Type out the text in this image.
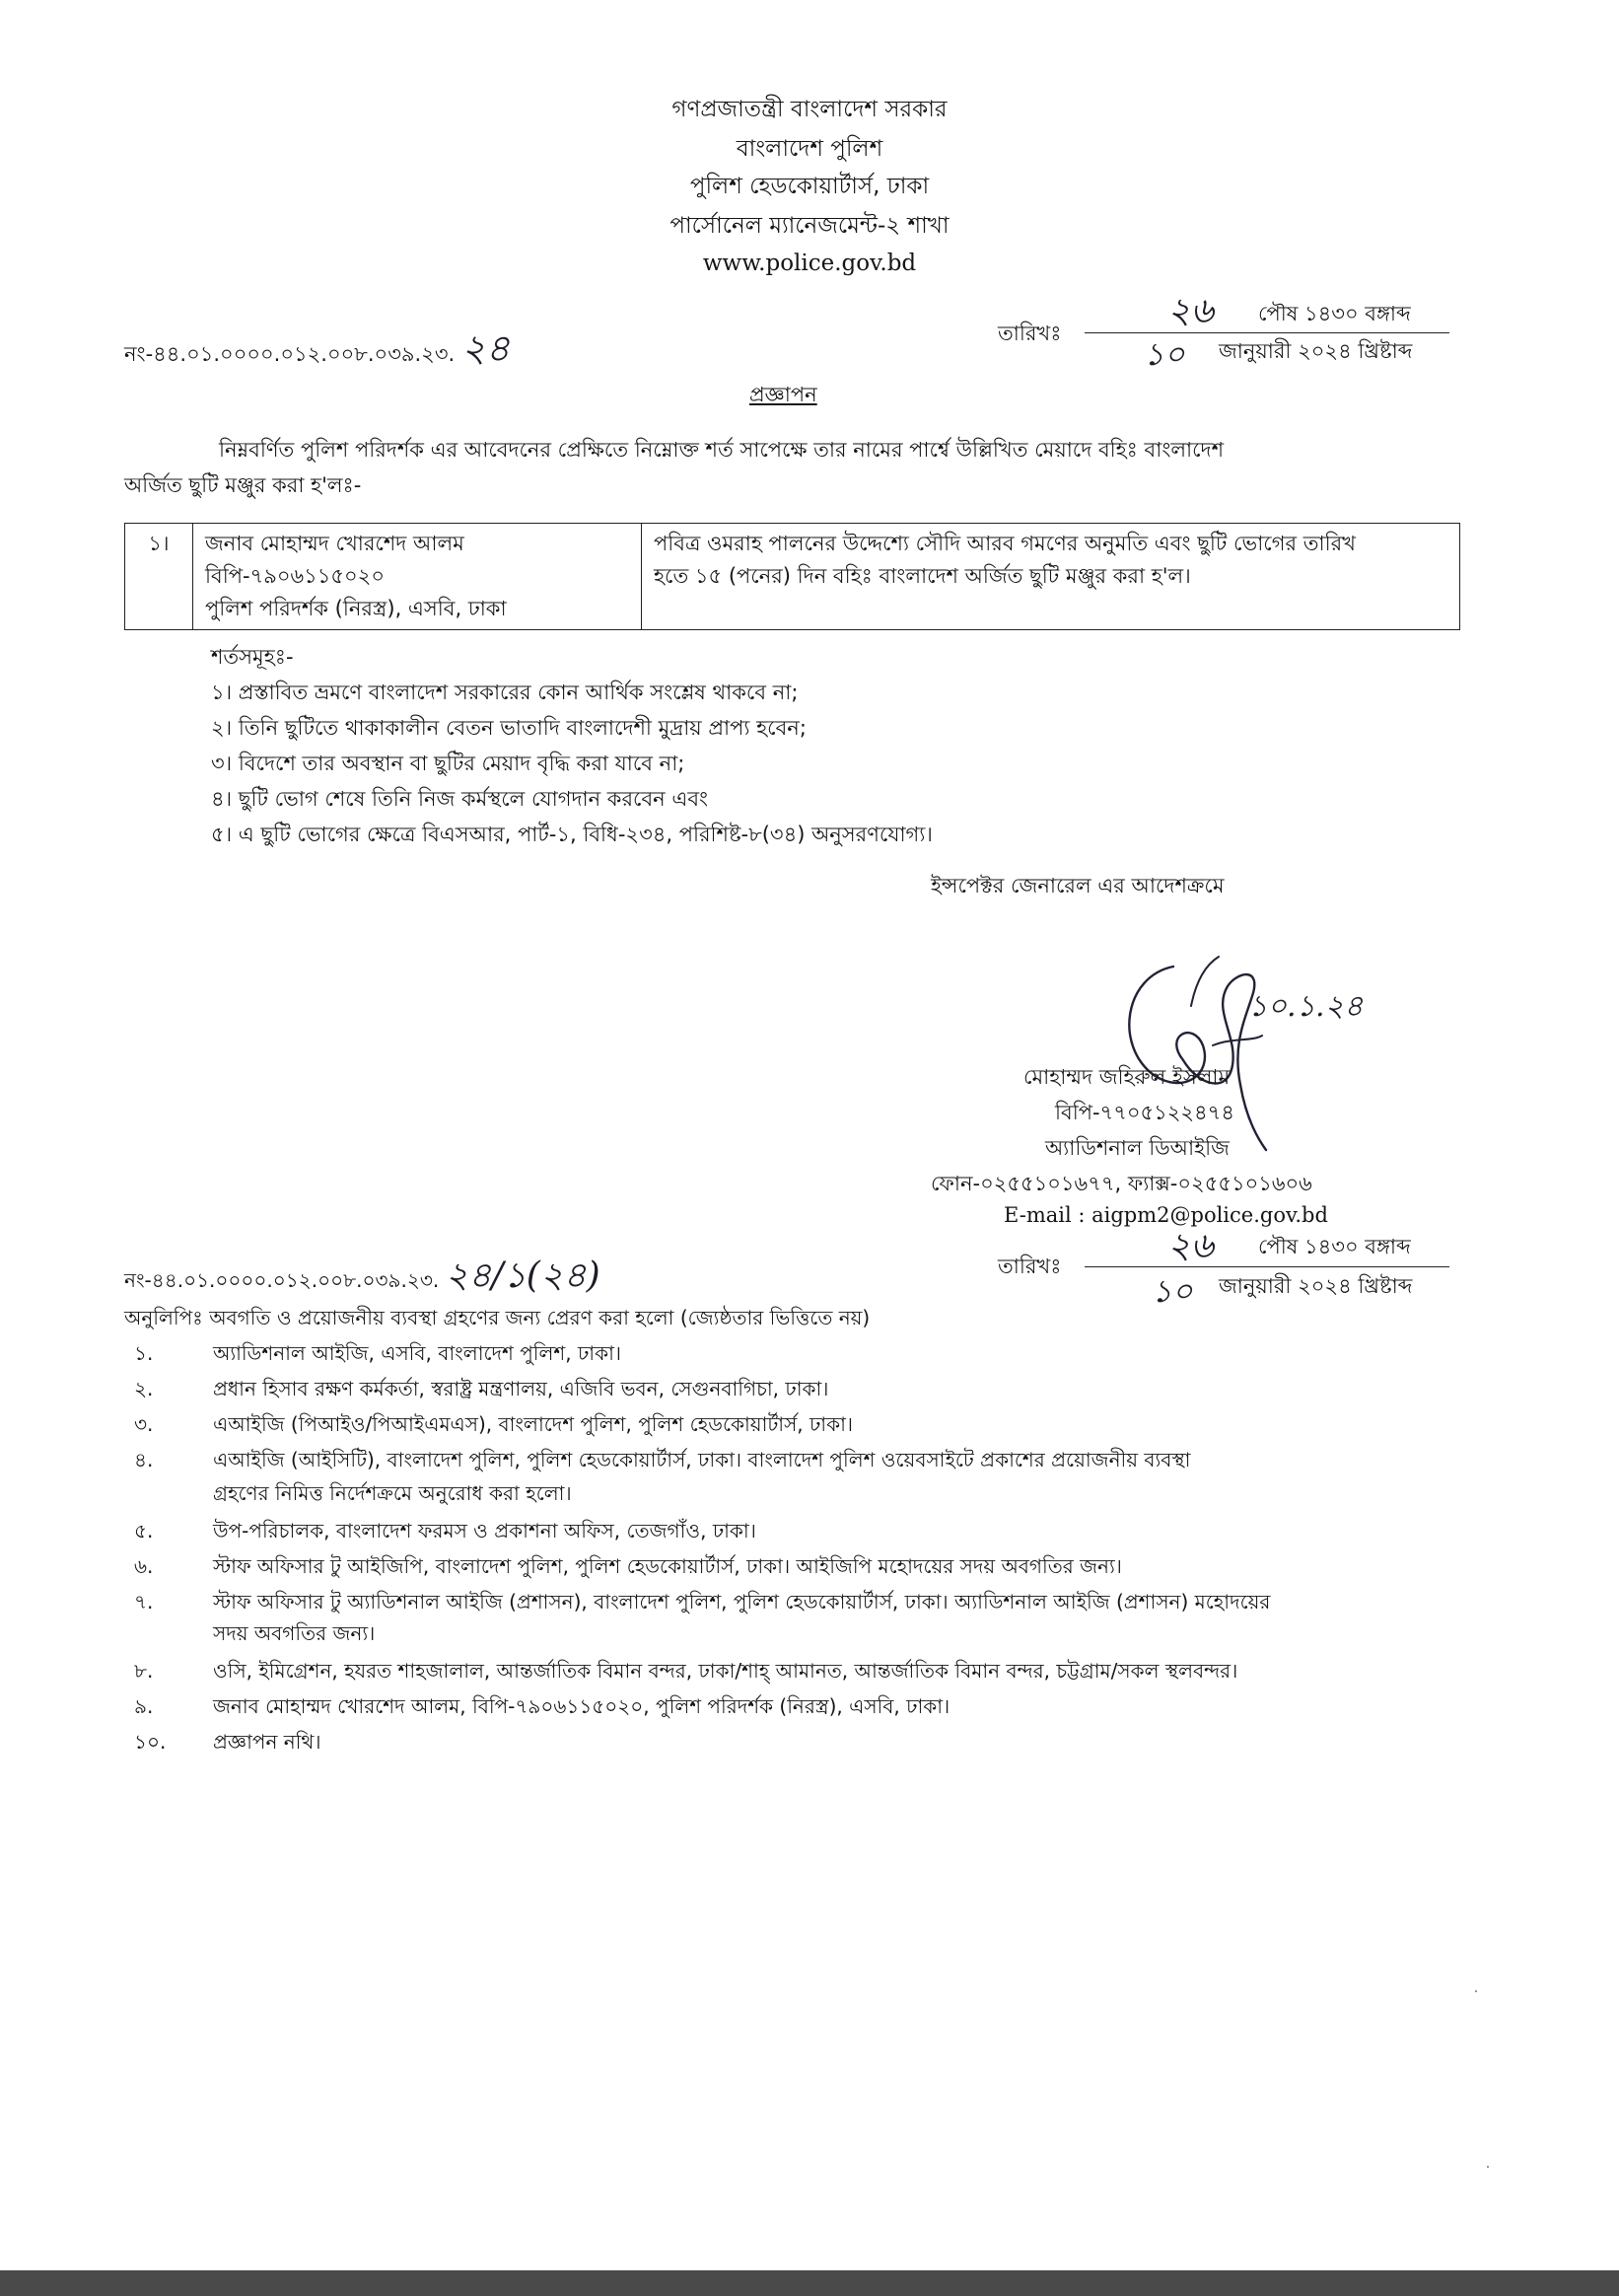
গণপ্রজাতন্ত্রী বাংলাদেশ সরকার
বাংলাদেশ পুলিশ
পুলিশ হেডকোয়ার্টার্স, ঢাকা
পার্সোনেল ম্যানেজমেন্ট-২ শাখা
www.police.gov.bd
নং-৪৪.০১.০০০০.০১২.০০৮.০৩৯.২৩. ২৪	তারিখঃ
২৬ পৌষ ১৪৩০ বঙ্গাব্দ
১০ জানুয়ারী ২০২৪ খ্রিষ্টাব্দ
প্রজ্ঞাপন
নিম্নবর্ণিত পুলিশ পরিদর্শক এর আবেদনের প্রেক্ষিতে নিম্নোক্ত শর্ত সাপেক্ষে তার নামের পার্শ্বে উল্লিখিত মেয়াদে বহিঃ বাংলাদেশ
অর্জিত ছুটি মঞ্জুর করা হ'লঃ-
১।	জনাব মোহাম্মদ খোরশেদ আলম
বিপি-৭৯০৬১১৫০২০
পুলিশ পরিদর্শক (নিরস্ত্র), এসবি, ঢাকা

পবিত্র ওমরাহ পালনের উদ্দেশ্যে সৌদি আরব গমণের অনুমতি এবং ছুটি ভোগের তারিখ
হতে ১৫ (পনের) দিন বহিঃ বাংলাদেশ অর্জিত ছুটি মঞ্জুর করা হ'ল।
শর্তসমূহঃ-
১। প্রস্তাবিত ভ্রমণে বাংলাদেশ সরকারের কোন আর্থিক সংশ্লেষ থাকবে না;
২। তিনি ছুটিতে থাকাকালীন বেতন ভাতাদি বাংলাদেশী মুদ্রায় প্রাপ্য হবেন;
৩। বিদেশে তার অবস্থান বা ছুটির মেয়াদ বৃদ্ধি করা যাবে না;
৪। ছুটি ভোগ শেষে তিনি নিজ কর্মস্থলে যোগদান করবেন এবং
৫। এ ছুটি ভোগের ক্ষেত্রে বিএসআর, পার্ট-১, বিধি-২৩৪, পরিশিষ্ট-৮(৩৪) অনুসরণযোগ্য।
ইন্সপেক্টর জেনারেল এর আদেশক্রমে
১০.১.২৪
মোহাম্মদ জহিরুল ইসলাম
বিপি-৭৭০৫১২২৪৭৪
অ্যাডিশনাল ডিআইজি
ফোন-০২৫৫১০১৬৭৭, ফ্যাক্স-০২৫৫১০১৬০৬
E-mail : aigpm2@police.gov.bd
নং-৪৪.০১.০০০০.০১২.০০৮.০৩৯.২৩. ২৪/১(২৪)	তারিখঃ	২৬ পৌষ ১৪৩০ বঙ্গাব্দ
১০ জানুয়ারী ২০২৪ খ্রিষ্টাব্দ
অনুলিপিঃ অবগতি ও প্রয়োজনীয় ব্যবস্থা গ্রহণের জন্য প্রেরণ করা হলো (জ্যেষ্ঠতার ভিত্তিতে নয়)
১.	অ্যাডিশনাল আইজি, এসবি, বাংলাদেশ পুলিশ, ঢাকা।
২.	প্রধান হিসাব রক্ষণ কর্মকর্তা, স্বরাষ্ট্র মন্ত্রণালয়, এজিবি ভবন, সেগুনবাগিচা, ঢাকা।
৩.	এআইজি (পিআইও/পিআইএমএস), বাংলাদেশ পুলিশ, পুলিশ হেডকোয়ার্টার্স, ঢাকা।
৪.	এআইজি (আইসিটি), বাংলাদেশ পুলিশ, পুলিশ হেডকোয়ার্টার্স, ঢাকা। বাংলাদেশ পুলিশ ওয়েবসাইটে প্রকাশের প্রয়োজনীয় ব্যবস্থা
গ্রহণের নিমিত্ত নির্দেশক্রমে অনুরোধ করা হলো।
৫.	উপ-পরিচালক, বাংলাদেশ ফরমস ও প্রকাশনা অফিস, তেজগাঁও, ঢাকা।
৬.	স্টাফ অফিসার টু আইজিপি, বাংলাদেশ পুলিশ, পুলিশ হেডকোয়ার্টার্স, ঢাকা। আইজিপি মহোদয়ের সদয় অবগতির জন্য।
৭.	স্টাফ অফিসার টু অ্যাডিশনাল আইজি (প্রশাসন), বাংলাদেশ পুলিশ, পুলিশ হেডকোয়ার্টার্স, ঢাকা। অ্যাডিশনাল আইজি (প্রশাসন) মহোদয়ের
সদয় অবগতির জন্য।
৮.	ওসি, ইমিগ্রেশন, হযরত শাহজালাল, আন্তর্জাতিক বিমান বন্দর, ঢাকা/শাহ্ আমানত, আন্তর্জাতিক বিমান বন্দর, চট্টগ্রাম/সকল স্থলবন্দর।
৯.	জনাব মোহাম্মদ খোরশেদ আলম, বিপি-৭৯০৬১১৫০২০, পুলিশ পরিদর্শক (নিরস্ত্র), এসবি, ঢাকা।
১০. প্রজ্ঞাপন নথি।
